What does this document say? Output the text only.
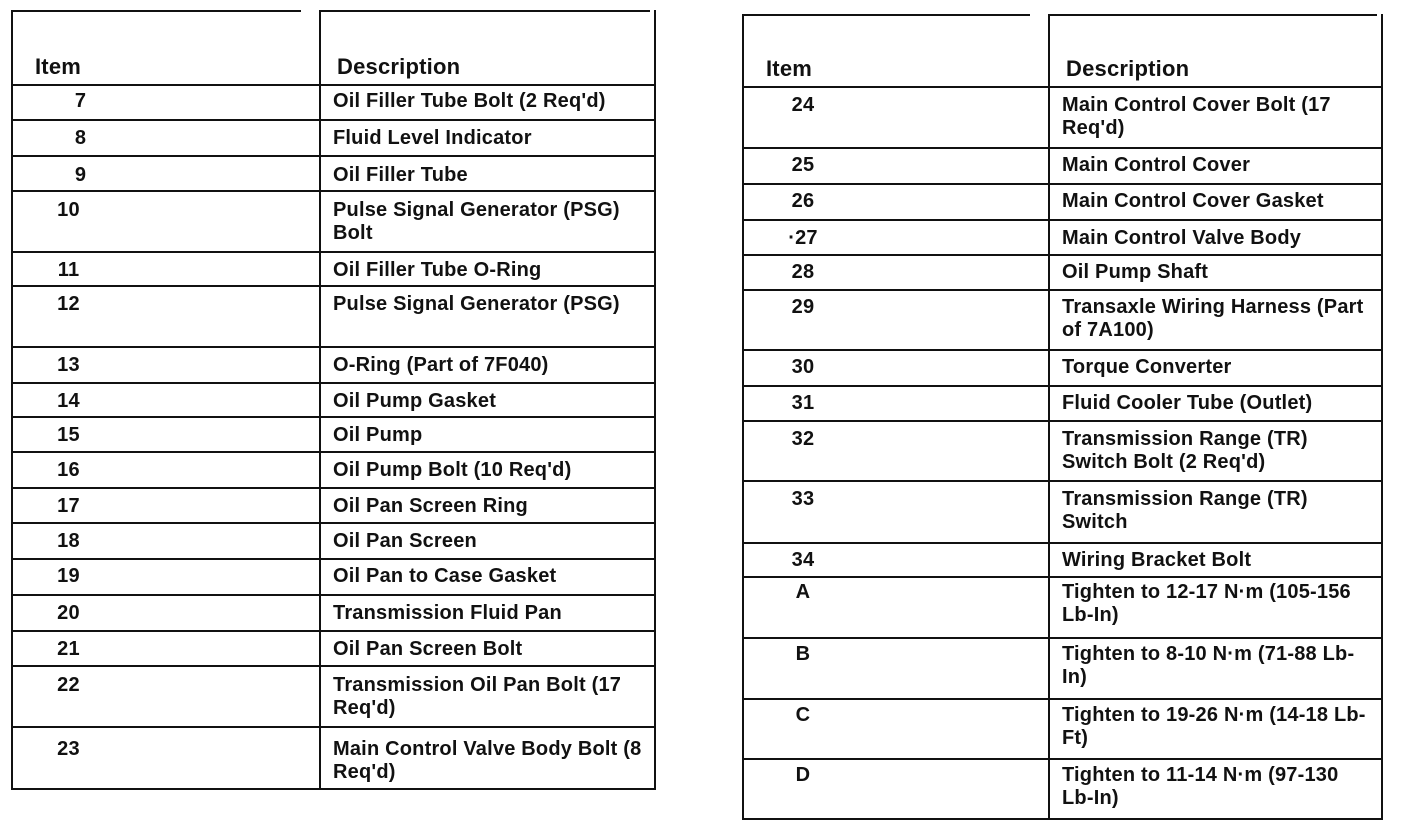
Item	Description
7	Oil Filler Tube Bolt (2 Req'd)
8	Fluid Level Indicator
9	Oil Filler Tube
10	Pulse Signal Generator (PSG) Bolt
11	Oil Filler Tube O-Ring
12	Pulse Signal Generator (PSG)
13	O-Ring (Part of 7F040)
14	Oil Pump Gasket
15	Oil Pump
16	Oil Pump Bolt (10 Req'd)
17	Oil Pan Screen Ring
18	Oil Pan Screen
19	Oil Pan to Case Gasket
20	Transmission Fluid Pan
21	Oil Pan Screen Bolt
22	Transmission Oil Pan Bolt (17 Req'd)
23	Main Control Valve Body Bolt (8 Req'd)
Item	Description
24	Main Control Cover Bolt (17 Req'd)
25	Main Control Cover
26	Main Control Cover Gasket
·27	Main Control Valve Body
28	Oil Pump Shaft
29	Transaxle Wiring Harness (Part of 7A100)
30	Torque Converter
31	Fluid Cooler Tube (Outlet)
32	Transmission Range (TR) Switch Bolt (2 Req'd)
33	Transmission Range (TR) Switch
34	Wiring Bracket Bolt
A	Tighten to 12-17 N·m (105-156 Lb-In)
B	Tighten to 8-10 N·m (71-88 Lb-In)
C	Tighten to 19-26 N·m (14-18 Lb-Ft)
D	Tighten to 11-14 N·m (97-130 Lb-In)
